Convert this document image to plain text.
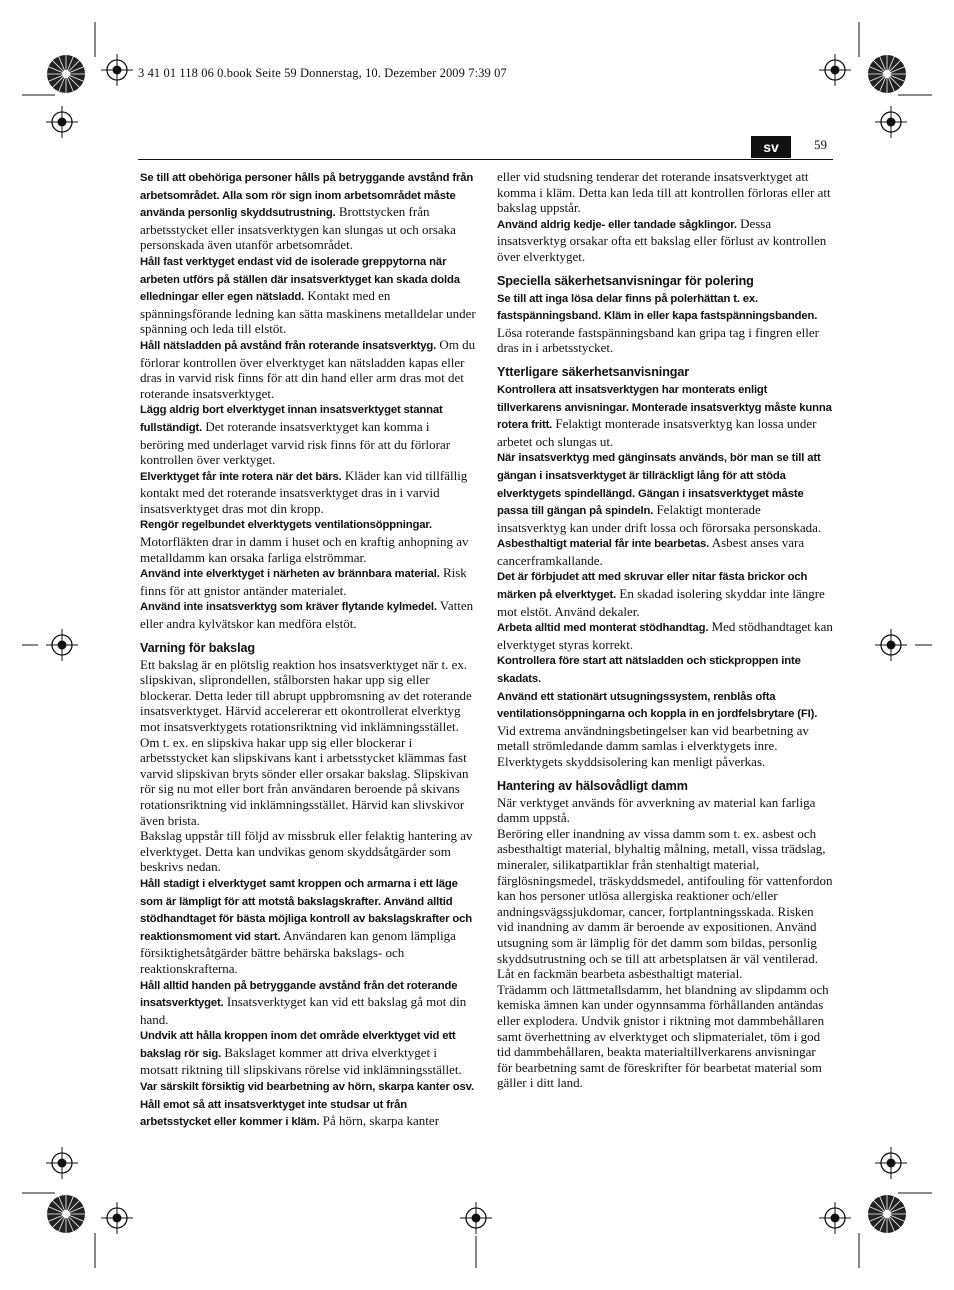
3 41 01 118 06 0.book Seite 59 Donnerstag, 10. Dezember 2009 7:39 07
sv	59

Se till att obehöriga personer hålls på betryggande avstånd från arbetsområdet. Alla som rör sign inom arbetsområdet måste använda personlig skyddsutrustning. Brottstycken från arbetsstycket eller insatsverktygen kan slungas ut och orsaka personskada även utanför arbetsområdet.

Håll fast verktyget endast vid de isolerade greppytorna när arbeten utförs på ställen där insatsverktyget kan skada dolda elledningar eller egen nätsladd. Kontakt med en spänningsförande ledning kan sätta maskinens metalldelar under spänning och leda till elstöt.

Håll nätsladden på avstånd från roterande insatsverktyg. Om du förlorar kontrollen över elverktyget kan nätsladden kapas eller dras in varvid risk finns för att din hand eller arm dras mot det roterande insatsverktyget.

Lägg aldrig bort elverktyget innan insatsverktyget stannat fullständigt. Det roterande insatsverktyget kan komma i beröring med underlaget varvid risk finns för att du förlorar kontrollen över verktyget.

Elverktyget får inte rotera när det bärs. Kläder kan vid tillfällig kontakt med det roterande insatsverktyget dras in i varvid insatsverktyget dras mot din kropp.

Rengör regelbundet elverktygets ventilationsöppningar. Motorfläkten drar in damm i huset och en kraftig anhopning av metalldamm kan orsaka farliga elströmmar.

Använd inte elverktyget i närheten av brännbara material. Risk finns för att gnistor antänder materialet.

Använd inte insatsverktyg som kräver flytande kylmedel. Vatten eller andra kylvätskor kan medföra elstöt.

Varning för bakslag

Ett bakslag är en plötslig reaktion hos insatsverktyget när t. ex. slipskivan, sliprondellen, stålborsten hakar upp sig eller blockerar. Detta leder till abrupt uppbromsning av det roterande insatsverktyget. Härvid accelererar ett okontrollerat elverktyg mot insatsverktygets rotationsriktning vid inklämningsstället.

Om t. ex. en slipskiva hakar upp sig eller blockerar i arbetsstycket kan slipskivans kant i arbetsstycket klämmas fast varvid slipskivan bryts sönder eller orsakar bakslag. Slipskivan rör sig nu mot eller bort från användaren beroende på skivans rotationsriktning vid inklämningsstället. Härvid kan slivskivor även brista.

Bakslag uppstår till följd av missbruk eller felaktig hantering av elverktyget. Detta kan undvikas genom skyddsåtgärder som beskrivs nedan.

Håll stadigt i elverktyget samt kroppen och armarna i ett läge som är lämpligt för att motstå bakslagskrafter. Använd alltid stödhandtaget för bästa möjliga kontroll av bakslagskrafter och reaktionsmoment vid start. Användaren kan genom lämpliga försiktighetsåtgärder bättre behärska bakslags- och reaktionskrafterna.

Håll alltid handen på betryggande avstånd från det roterande insatsverktyget. Insatsverktyget kan vid ett bakslag gå mot din hand.

Undvik att hålla kroppen inom det område elverktyget vid ett bakslag rör sig. Bakslaget kommer att driva elverktyget i motsatt riktning till slipskivans rörelse vid inklämningsstället.

Var särskilt försiktig vid bearbetning av hörn, skarpa kanter osv. Håll emot så att insatsverktyget inte studsar ut från arbetsstycket eller kommer i kläm. På hörn, skarpa kanter

eller vid studsning tenderar det roterande insatsverktyget att komma i kläm. Detta kan leda till att kontrollen förloras eller att bakslag uppstår.

Använd aldrig kedje- eller tandade sågklingor. Dessa insatsverktyg orsakar ofta ett bakslag eller förlust av kontrollen över elverktyget.

Speciella säkerhetsanvisningar för polering

Se till att inga lösa delar finns på polerhättan t. ex. fastspänningsband. Kläm in eller kapa fastspänningsbanden. Lösa roterande fastspänningsband kan gripa tag i fingren eller dras in i arbetsstycket.

Ytterligare säkerhetsanvisningar

Kontrollera att insatsverktygen har monterats enligt tillverkarens anvisningar. Monterade insatsverktyg måste kunna rotera fritt. Felaktigt monterade insatsverktyg kan lossa under arbetet och slungas ut.

När insatsverktyg med gänginsats används, bör man se till att gängan i insatsverktyget är tillräckligt lång för att stöda elverktygets spindellängd. Gängan i insatsverktyget måste passa till gängan på spindeln. Felaktigt monterade insatsverktyg kan under drift lossa och förorsaka personskada.

Asbesthaltigt material får inte bearbetas. Asbest anses vara cancerframkallande.

Det är förbjudet att med skruvar eller nitar fästa brickor och märken på elverktyget. En skadad isolering skyddar inte längre mot elstöt. Använd dekaler.

Arbeta alltid med monterat stödhandtag. Med stödhandtaget kan elverktyget styras korrekt.

Kontrollera före start att nätsladden och stickproppen inte skadats.

Använd ett stationärt utsugningssystem, renblås ofta ventilationsöppningarna och koppla in en jordfelsbrytare (FI). Vid extrema användningsbetingelser kan vid bearbetning av metall strömledande damm samlas i elverktygets inre. Elverktygets skyddsisolering kan menligt påverkas.

Hantering av hälsovådligt damm

När verktyget används för avverkning av material kan farliga damm uppstå.

Beröring eller inandning av vissa damm som t. ex. asbest och asbesthaltigt material, blyhaltig målning, metall, vissa trädslag, mineraler, silikatpartiklar från stenhaltigt material, färglösningsmedel, träskyddsmedel, antifouling för vattenfordon kan hos personer utlösa allergiska reaktioner och/eller andningsvägssjukdomar, cancer, fortplantningsskada. Risken vid inandning av damm är beroende av expositionen. Använd utsugning som är lämplig för det damm som bildas, personlig skyddsutrustning och se till att arbetsplatsen är väl ventilerad. Låt en fackmän bearbeta asbesthaltigt material.

Trädamm och lättmetallsdamm, het blandning av slipdamm och kemiska ämnen kan under ogynnsamma förhållanden antändas eller explodera. Undvik gnistor i riktning mot dammbehållaren samt överhettning av elverktyget och slipmaterialet, töm i god tid dammbehållaren, beakta materialtillverkarens anvisningar för bearbetning samt de föreskrifter för bearbetat material som gäller i ditt land.
